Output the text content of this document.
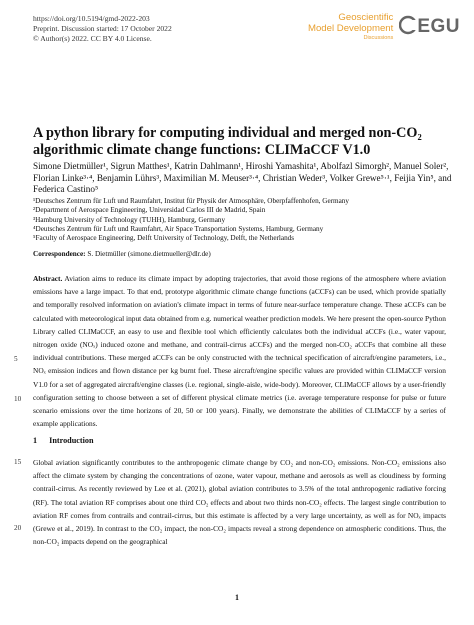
https://doi.org/10.5194/gmd-2022-203
Preprint. Discussion started: 17 October 2022
© Author(s) 2022. CC BY 4.0 License.
Geoscientific
Model Development
Discussions
EGU
A python library for computing individual and merged non-CO₂ algorithmic climate change functions: CLIMaCCF V1.0
Simone Dietmüller¹, Sigrun Matthes¹, Katrin Dahlmann¹, Hiroshi Yamashita¹, Abolfazl Simorgh², Manuel Soler², Florian Linke³·⁴, Benjamin Lührs³, Maximilian M. Meuser³·⁴, Christian Weder³, Volker Grewe⁵·¹, Feijia Yin⁵, and Federica Castino⁵
¹Deutsches Zentrum für Luft und Raumfahrt, Institut für Physik der Atmosphäre, Oberpfaffenhofen, Germany
²Department of Aerospace Engineering, Universidad Carlos III de Madrid, Spain
³Hamburg University of Technology (TUHH), Hamburg, Germany
⁴Deutsches Zentrum für Luft und Raumfahrt, Air Space Transportation Systems, Hamburg, Germany
⁵Faculty of Aerospace Engineering, Delft University of Technology, Delft, the Netherlands
Correspondence: S. Dietmüller (simone.dietmueller@dlr.de)
Abstract. Aviation aims to reduce its climate impact by adopting trajectories, that avoid those regions of the atmosphere where aviation emissions have a large impact. To that end, prototype algorithmic climate change functions (aCCFs) can be used, which provide spatially and temporally resolved information on aviation's climate impact in terms of future near-surface temperature change. These aCCFs can be calculated with meteorological input data obtained from e.g. numerical weather prediction models. We here present the open-source Python Library called CLIMaCCF, an easy to use and flexible tool which efficiently calculates both the individual aCCFs (i.e., water vapour, nitrogen oxide (NOₓ) induced ozone and methane, and contrail-cirrus aCCFs) and the merged non-CO₂ aCCFs that combine all these individual contributions. These merged aCCFs can be only constructed with the technical specification of aircraft/engine parameters, i.e., NOₓ emission indices and flown distance per kg burnt fuel. These aircraft/engine specific values are provided within CLIMaCCF version V1.0 for a set of aggregated aircraft/engine classes (i.e. regional, single-aisle, wide-body). Moreover, CLIMaCCF allows by a user-friendly configuration setting to choose between a set of different physical climate metrics (i.e. average temperature response for pulse or future scenario emissions over the time horizons of 20, 50 or 100 years). Finally, we demonstrate the abilities of CLIMaCCF by a series of example applications.
5
10
15
20
1 Introduction
Global aviation significantly contributes to the anthropogenic climate change by CO₂ and non-CO₂ emissions. Non-CO₂ emissions also affect the climate system by changing the concentrations of ozone, water vapour, methane and aerosols as well as cloudiness by forming contrail-cirrus. As recently reviewed by Lee et al. (2021), global aviation contributes to 3.5% of the total anthropogenic radiative forcing (RF). The total aviation RF comprises about one third CO₂ effects and about two thirds non-CO₂ effects. The largest single contribution to aviation RF comes from contrails and contrail-cirrus, but this estimate is affected by a very large uncertainty, as well as for NOₓ impacts (Grewe et al., 2019). In contrast to the CO₂ impact, the non-CO₂ impacts reveal a strong dependence on atmospheric conditions. Thus, the non-CO₂ impacts depend on the geographical
1
